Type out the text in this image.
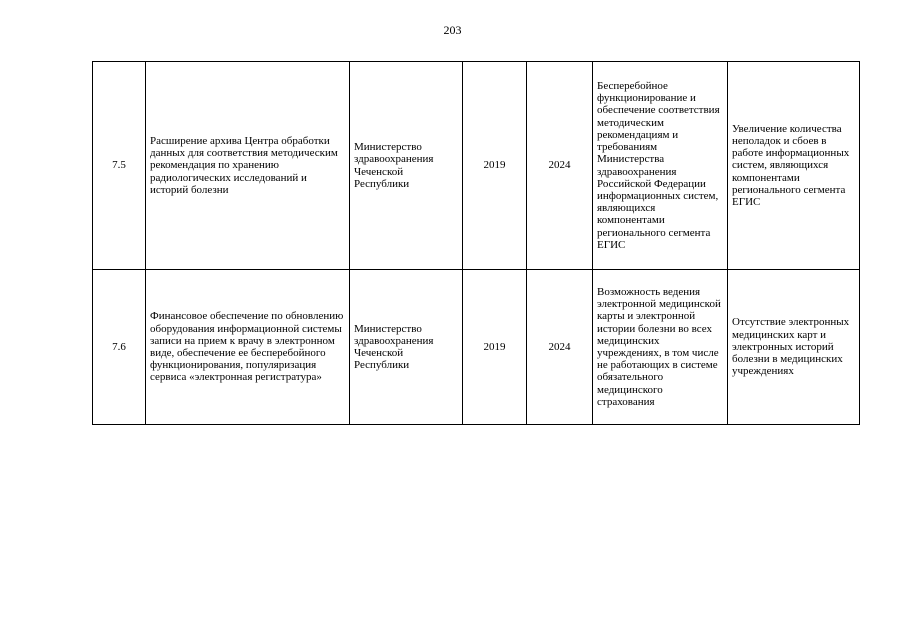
203
7.5	Расширение архива Центра обработки данных для соответствия методическим рекомендация по хранению радиологических исследований и историй болезни	Министерство здравоохранения Чеченской Республики	2019	2024	Бесперебойное функционирование и обеспечение соответствия методическим рекомендациям и требованиям Министерства здравоохранения Российской Федерации информационных систем, являющихся компонентами регионального сегмента ЕГИС	Увеличение количества неполадок и сбоев в работе информационных систем, являющихся компонентами регионального сегмента ЕГИС
7.6	Финансовое обеспечение по обновлению оборудования информационной системы записи на прием к врачу в электронном виде, обеспечение ее бесперебойного функционирования, популяризация сервиса «электронная регистратура»	Министерство здравоохранения Чеченской Республики	2019	2024	Возможность ведения электронной медицинской карты и электронной истории болезни во всех медицинских учреждениях, в том числе не работающих в системе обязательного медицинского страхования	Отсутствие электронных медицинских карт и электронных историй болезни в медицинских учреждениях
